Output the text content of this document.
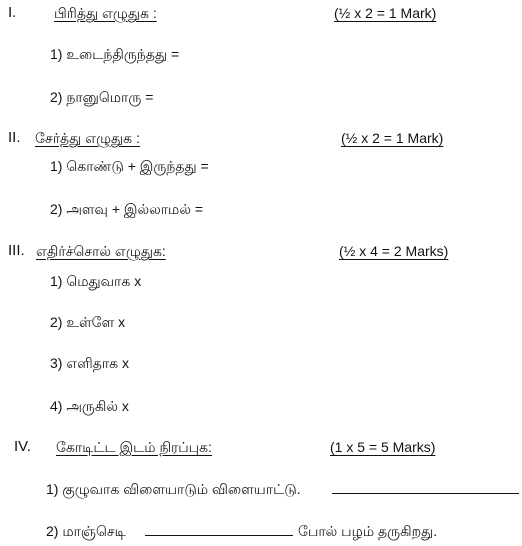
I.	பிரித்து எழுதுக :	(½ x 2 = 1 Mark)
1) உடைந்திருந்தது =
2) நானுமொரு =
II. சேர்த்து எழுதுக :	(½ x 2 = 1 Mark)
1) கொண்டு + இருந்தது =
2) அளவு + இல்லாமல் =
III. எதிர்ச்சொல் எழுதுக:	(½ x 4 = 2 Marks)
1) மெதுவாக x
2) உள்ளே x
3) எளிதாக x
4) அருகில் x
IV. கோடிட்ட இடம் நிரப்புக:	(1 x 5 = 5 Marks)
1) குழுவாக விளையாடும் விளையாட்டு.
2) மாஞ்செடி	போல் பழம் தருகிறது.
